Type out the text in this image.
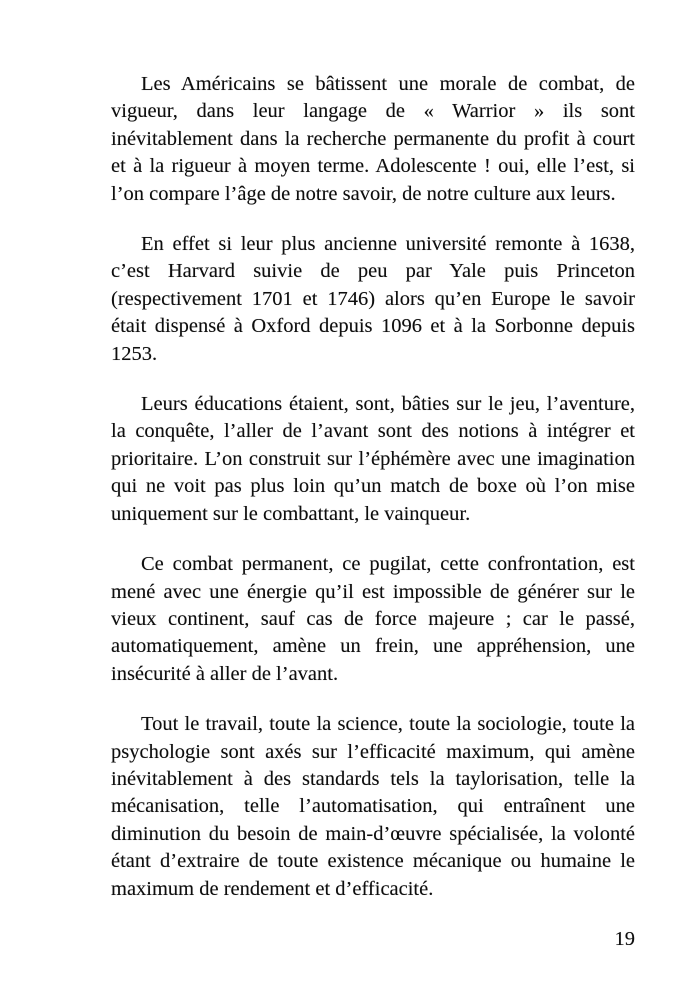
Les Américains se bâtissent une morale de combat, de
vigueur, dans leur langage de « Warrior » ils sont
inévitablement dans la recherche permanente du profit à court
et à la rigueur à moyen terme. Adolescente ! oui, elle l’est, si
l’on compare l’âge de notre savoir, de notre culture aux leurs.
En effet si leur plus ancienne université remonte à 1638,
c’est Harvard suivie de peu par Yale puis Princeton
(respectivement 1701 et 1746) alors qu’en Europe le savoir
était dispensé à Oxford depuis 1096 et à la Sorbonne depuis
1253.
Leurs éducations étaient, sont, bâties sur le jeu, l’aventure,
la conquête, l’aller de l’avant sont des notions à intégrer et
prioritaire. L’on construit sur l’éphémère avec une imagination
qui ne voit pas plus loin qu’un match de boxe où l’on mise
uniquement sur le combattant, le vainqueur.
Ce combat permanent, ce pugilat, cette confrontation, est
mené avec une énergie qu’il est impossible de générer sur le
vieux continent, sauf cas de force majeure ; car le passé,
automatiquement, amène un frein, une appréhension, une
insécurité à aller de l’avant.
Tout le travail, toute la science, toute la sociologie, toute la
psychologie sont axés sur l’efficacité maximum, qui amène
inévitablement à des standards tels la taylorisation, telle la
mécanisation, telle l’automatisation, qui entraînent une
diminution du besoin de main-d’œuvre spécialisée, la volonté
étant d’extraire de toute existence mécanique ou humaine le
maximum de rendement et d’efficacité.
19
